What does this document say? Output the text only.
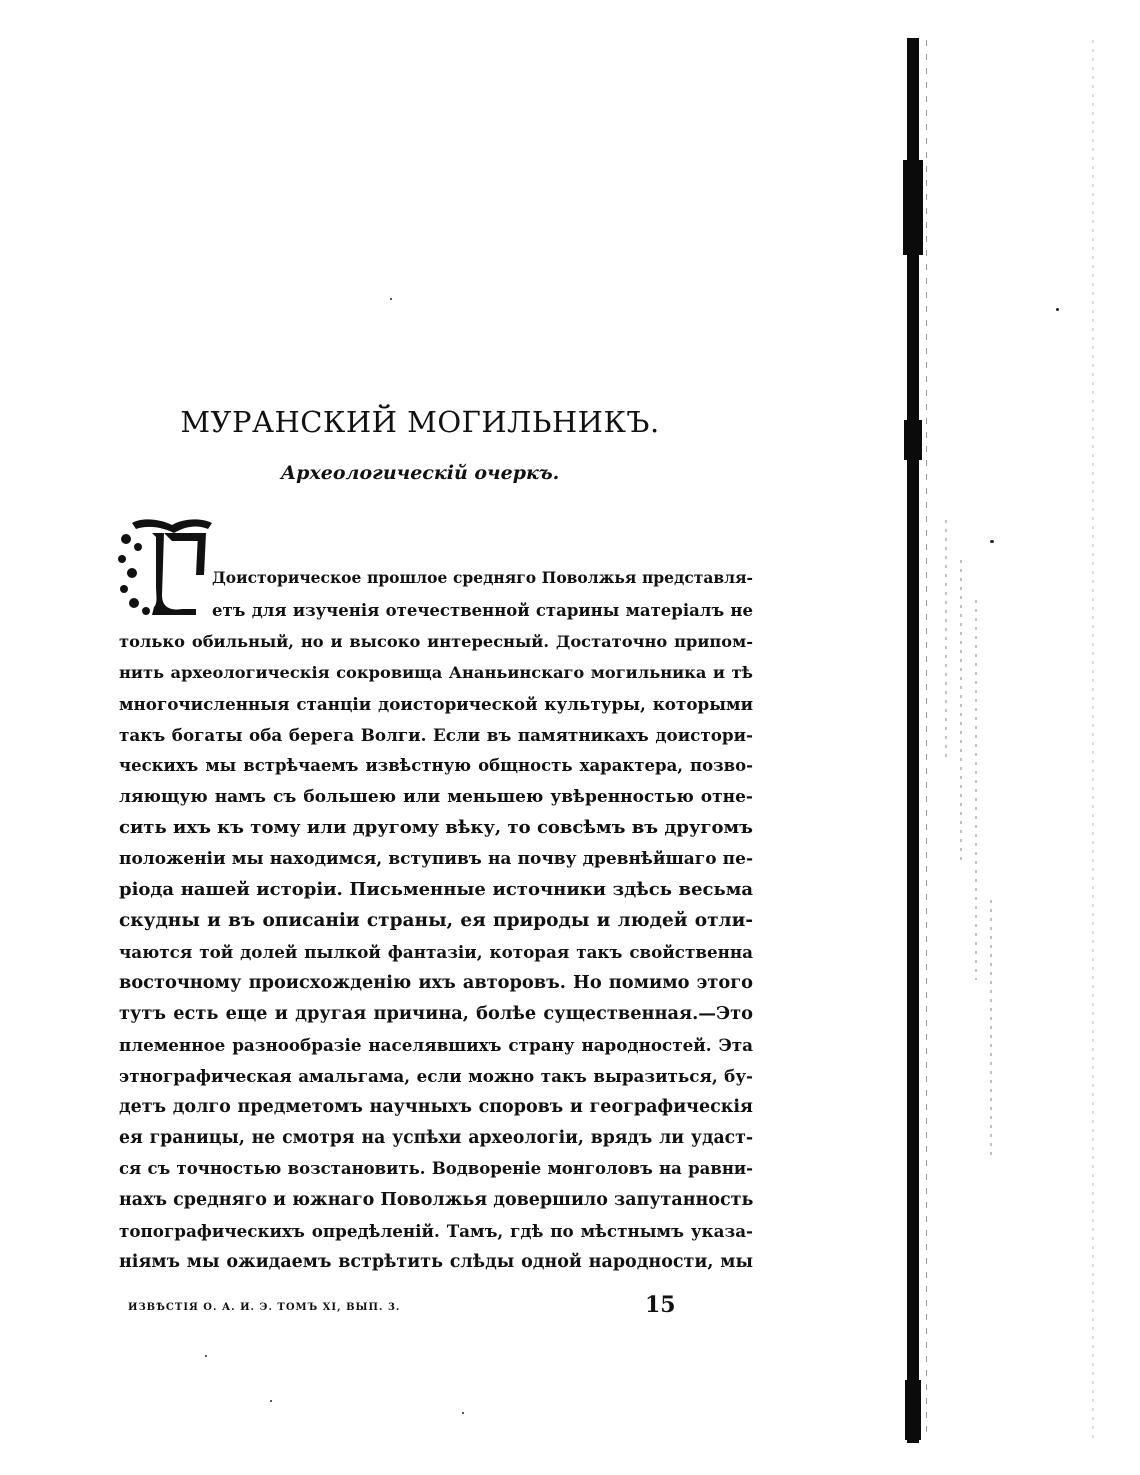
МУРАНСКИЙ МОГИЛЬНИКЪ.
Археологическій очеркъ.
Доисторическое прошлое средняго Поволжья представля-
етъ для изученія отечественной старины матеріалъ не
только обильный, но и высоко интересный. Достаточно припом-
нить археологическія сокровища Ананьинскаго могильника и тѣ
многочисленныя станціи доисторической культуры, которыми
такъ богаты оба берега Волги. Если въ памятникахъ доистори-
ческихъ мы встрѣчаемъ извѣстную общность характера, позво-
ляющую намъ съ большею или меньшею увѣренностью отне-
сить ихъ къ тому или другому вѣку, то совсѣмъ въ другомъ
положеніи мы находимся, вступивъ на почву древнѣйшаго пе-
ріода нашей исторіи. Письменные источники здѣсь весьма
скудны и въ описаніи страны, ея природы и людей отли-
чаются той долей пылкой фантазіи, которая такъ свойственна
восточному происхожденію ихъ авторовъ. Но помимо этого
тутъ есть еще и другая причина, болѣе существенная.—Это
племенное разнообразіе населявшихъ страну народностей. Эта
этнографическая амальгама, если можно такъ выразиться, бу-
детъ долго предметомъ научныхъ споровъ и географическія
ея границы, не смотря на успѣхи археологіи, врядъ ли удаст-
ся съ точностью возстановить. Водвореніе монголовъ на равни-
нахъ средняго и южнаго Поволжья довершило запутанность
топографическихъ опредѣленій. Тамъ, гдѣ по мѣстнымъ указа-
ніямъ мы ожидаемъ встрѣтить слѣды одной народности, мы
ИЗВѢСТІЯ О. А. И. Э. ТОМЪ XI, ВЫП. 3.	15
